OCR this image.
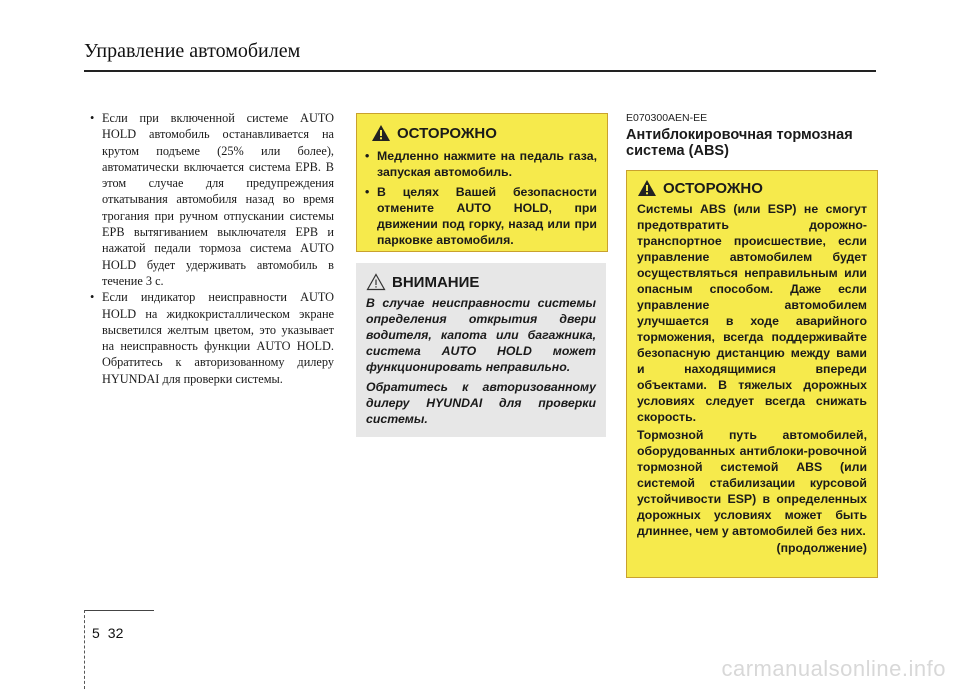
Управление автомобилем

• Если при включенной системе AUTO HOLD автомобиль останавливается на крутом подъеме (25% или более), автоматически включается система EPB. В этом случае для предупреждения откатывания автомобиля назад во время трогания при ручном отпускании системы EPB вытягиванием выключателя EPB и нажатой педали тормоза система AUTO HOLD будет удерживать автомобиль в течение 3 с.

• Если индикатор неисправности AUTO HOLD на жидкокристаллическом экране высветился желтым цветом, это указывает на неисправность функции AUTO HOLD. Обратитесь к авторизованному дилеру HYUNDAI для проверки системы.

ОСТОРОЖНО
• Медленно нажмите на педаль газа, запуская автомобиль.
• В целях Вашей безопасности отмените AUTO HOLD, при движении под горку, назад или при парковке автомобиля.
ВНИМАНИЕ

В случае неисправности системы определения открытия двери водителя, капота или багажника, система AUTO HOLD может функционировать неправильно.

Обратитесь к авторизованному дилеру HYUNDAI для проверки системы.

E070300AEN-EE
Антиблокировочная тормозная система (ABS)
ОСТОРОЖНО

Системы ABS (или ESP) не смогут предотвратить дорожно-транспортное происшествие, если управление автомобилем будет осуществляться неправильным или опасным способом. Даже если управление автомобилем улучшается в ходе аварийного торможения, всегда поддерживайте безопасную дистанцию между вами и находящимися впереди объектами. В тяжелых дорожных условиях следует всегда снижать скорость.

Тормозной путь автомобилей, оборудованных антиблоки-ровочной тормозной системой ABS (или системой стабилизации курсовой устойчивости ESP) в определенных дорожных условиях может быть длиннее, чем у автомобилей без них.

(продолжение)
5 32
carmanualsonline.info
